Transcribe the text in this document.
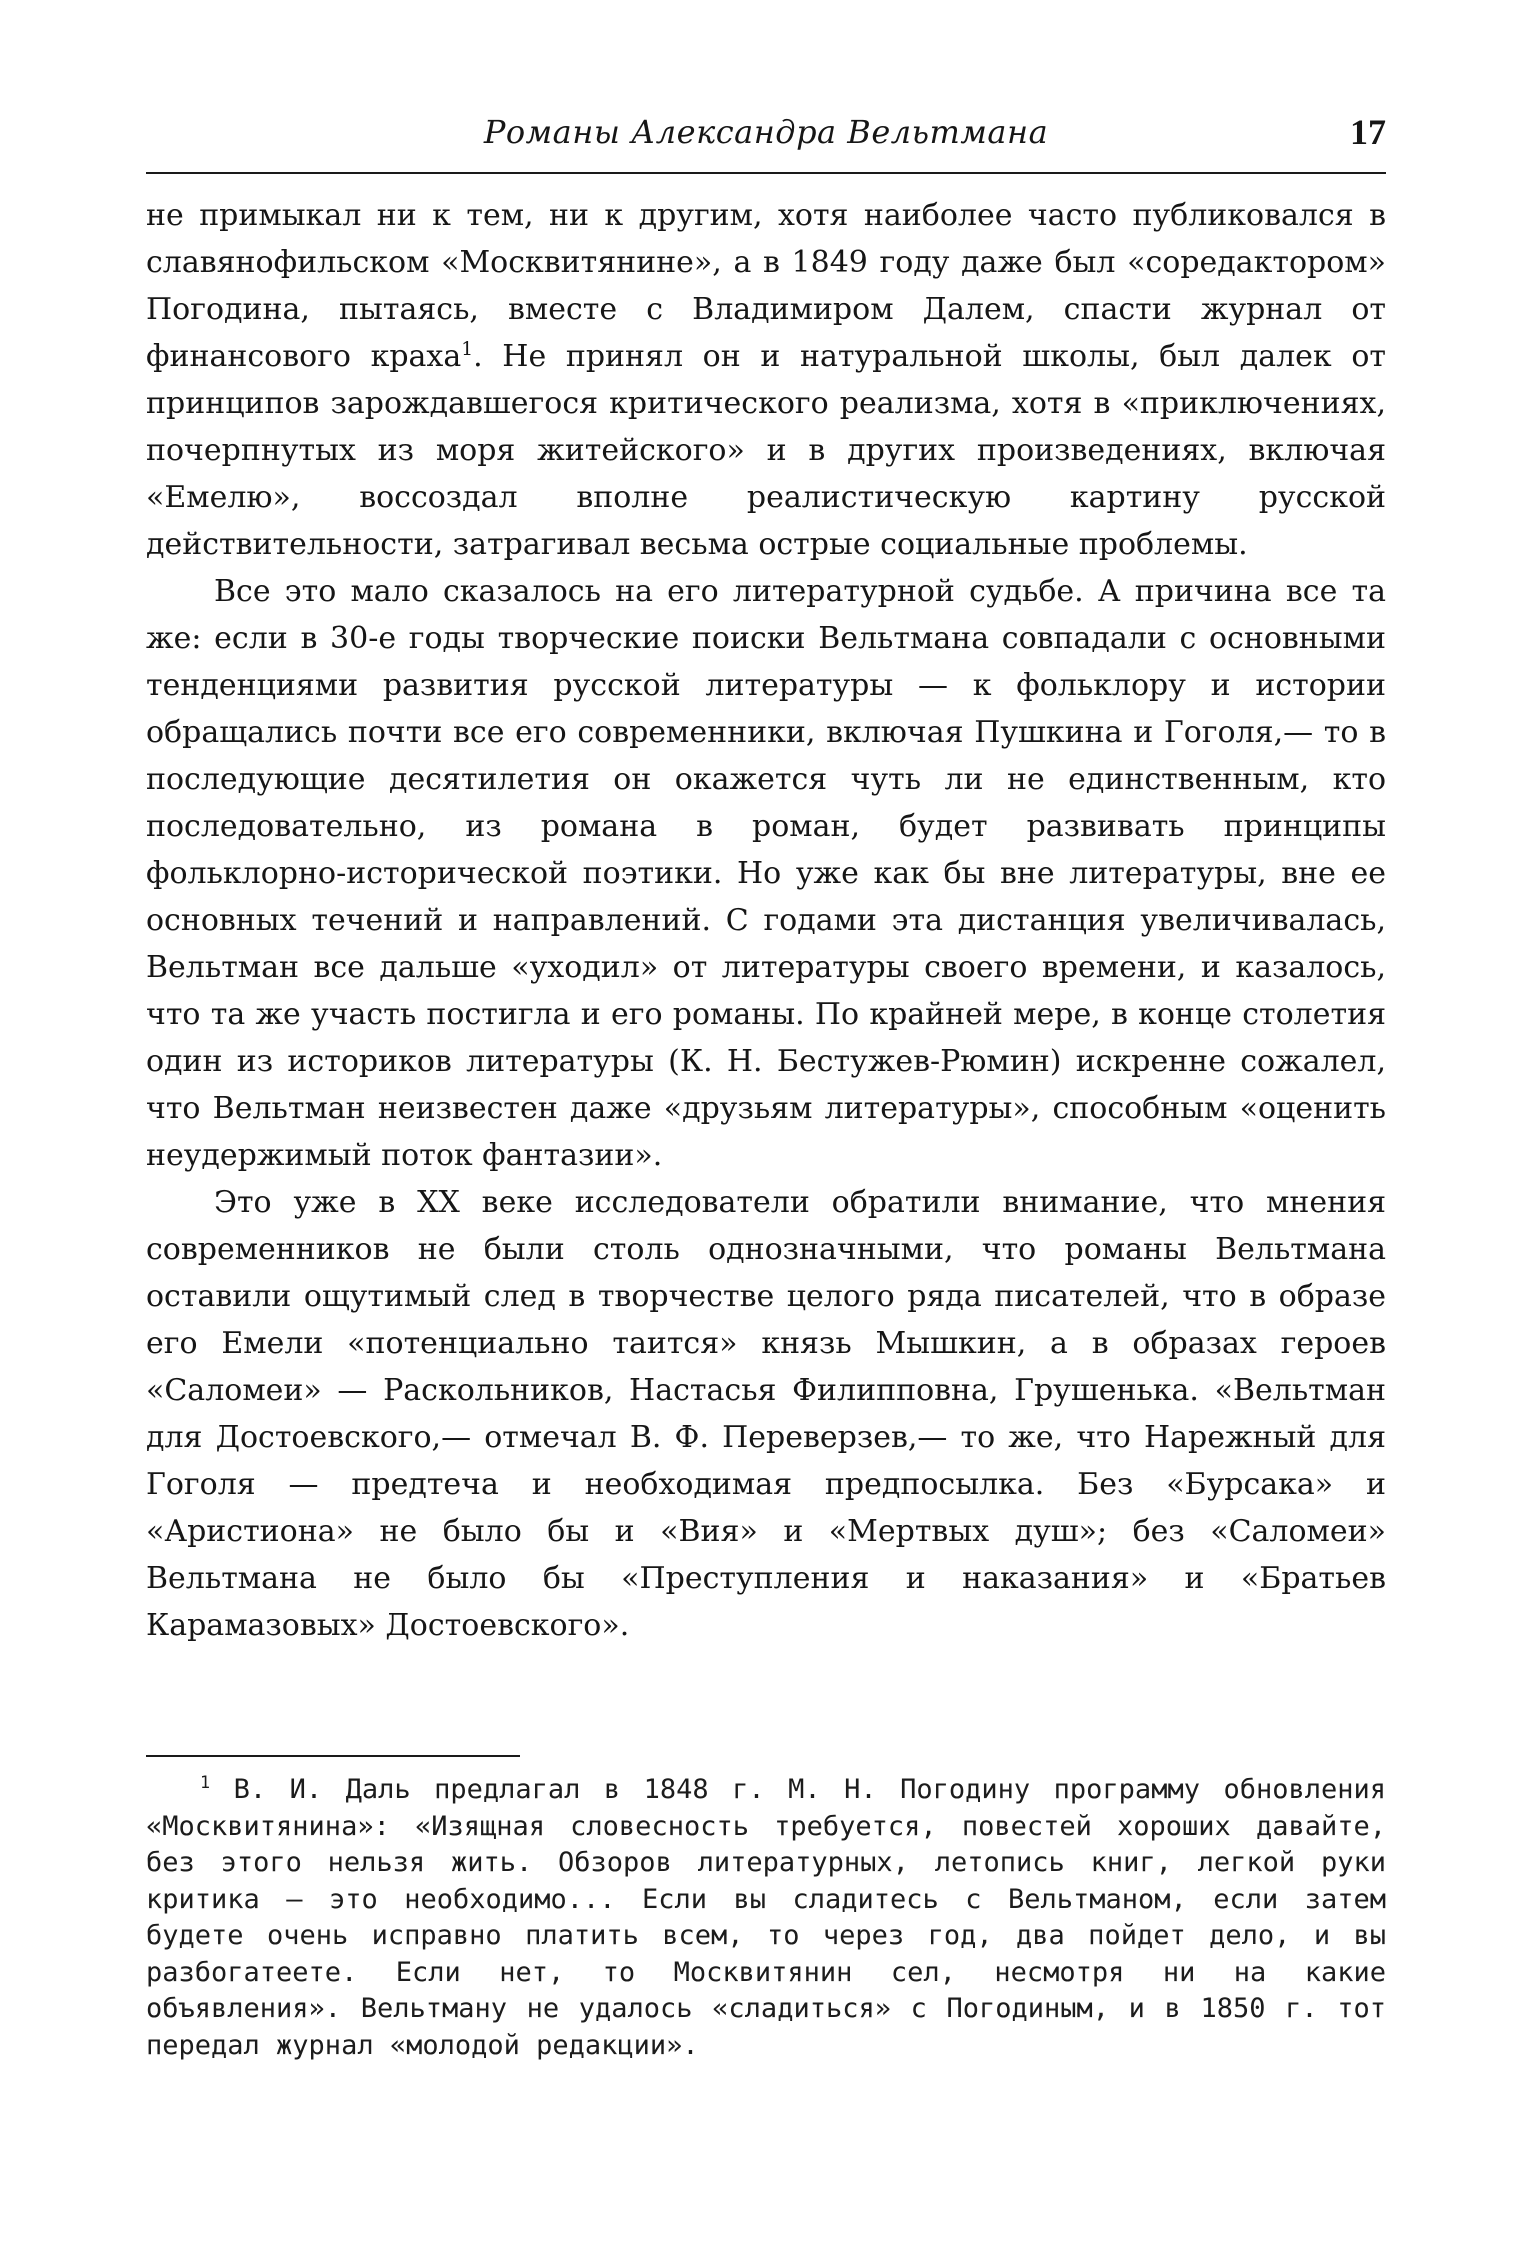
Романы Александра Вельтмана	17

не примыкал ни к тем, ни к другим, хотя наиболее часто публиковался в славянофильском «Москвитянине», а в 1849 году даже был «соредактором» Погодина, пытаясь, вместе с Владимиром Далем, спасти журнал от финансового краха$^1$. Не принял он и натуральной школы, был далек от принципов зарождавшегося критического реализма, хотя в «приключениях, почерпнутых из моря житейского» и в других произведениях, включая «Емелю», воссоздал вполне реалистическую картину русской действительности, затрагивал весьма острые социальные проблемы.

Все это мало сказалось на его литературной судьбе. А причина все та же: если в 30-е годы творческие поиски Вельтмана совпадали с основными тенденциями развития русской литературы — к фольклору и истории обращались почти все его современники, включая Пушкина и Гоголя,— то в последующие десятилетия он окажется чуть ли не единственным, кто последовательно, из романа в роман, будет развивать принципы фольклорно-исторической поэтики. Но уже как бы вне литературы, вне ее основных течений и направлений. С годами эта дистанция увеличивалась, Вельтман все дальше «уходил» от литературы своего времени, и казалось, что та же участь постигла и его романы. По крайней мере, в конце столетия один из историков литературы (К. Н. Бестужев-Рюмин) искренне сожалел, что Вельтман неизвестен даже «друзьям литературы», способным «оценить неудержимый поток фантазии».

Это уже в XX веке исследователи обратили внимание, что мнения современников не были столь однозначными, что романы Вельтмана оставили ощутимый след в творчестве целого ряда писателей, что в образе его Емели «потенциально таится» князь Мышкин, а в образах героев «Саломеи» — Раскольников, Настасья Филипповна, Грушенька. «Вельтман для Достоевского,— отмечал В. Ф. Переверзев,— то же, что Нарежный для Гоголя — предтеча и необходимая предпосылка. Без «Бурсака» и «Аристиона» не было бы и «Вия» и «Мертвых душ»; без «Саломеи» Вельтмана не было бы «Преступления и наказания» и «Братьев Карамазовых» Достоевского».

$^1$ В. И. Даль предлагал в 1848 г. М. Н. Погодину программу обновления «Москвитянина»: «Изящная словесность требуется, повестей хороших давайте, без этого нельзя жить. Обзоров литературных, летопись книг, легкой руки критика — это необходимо... Если вы сладитесь с Вельтманом, если затем будете очень исправно платить всем, то через год, два пойдет дело, и вы разбогатеете. Если нет, то Москвитянин сел, несмотря ни на какие объявления». Вельтману не удалось «сладиться» с Погодиным, и в 1850 г. тот передал журнал «молодой редакции».
